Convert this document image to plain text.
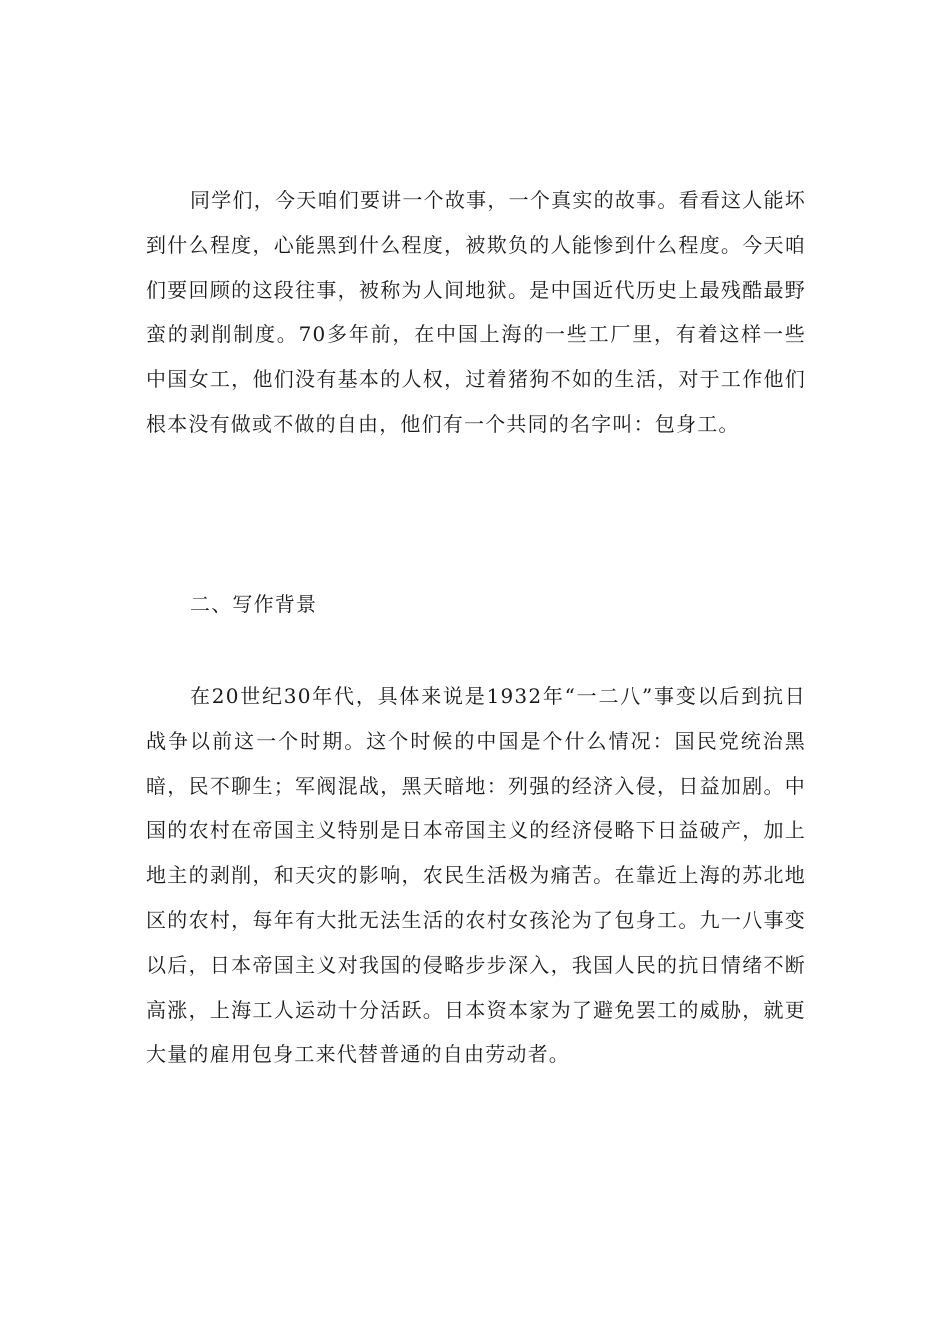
同学们，今天咱们要讲一个故事，一个真实的故事。看看这人能坏到什么程度，心能黑到什么程度，被欺负的人能惨到什么程度。今天咱们要回顾的这段往事，被称为人间地狱。是中国近代历史上最残酷最野蛮的剥削制度。70多年前，在中国上海的一些工厂里，有着这样一些中国女工，他们没有基本的人权，过着猪狗不如的生活，对于工作他们根本没有做或不做的自由，他们有一个共同的名字叫：包身工。

二、写作背景

在20世纪30年代，具体来说是1932年“一二八”事变以后到抗日战争以前这一个时期。这个时候的中国是个什么情况：国民党统治黑暗，民不聊生；军阀混战，黑天暗地：列强的经济入侵，日益加剧。中国的农村在帝国主义特别是日本帝国主义的经济侵略下日益破产，加上地主的剥削，和天灾的影响，农民生活极为痛苦。在靠近上海的苏北地区的农村，每年有大批无法生活的农村女孩沦为了包身工。九一八事变以后，日本帝国主义对我国的侵略步步深入，我国人民的抗日情绪不断高涨，上海工人运动十分活跃。日本资本家为了避免罢工的威胁，就更大量的雇用包身工来代替普通的自由劳动者。
